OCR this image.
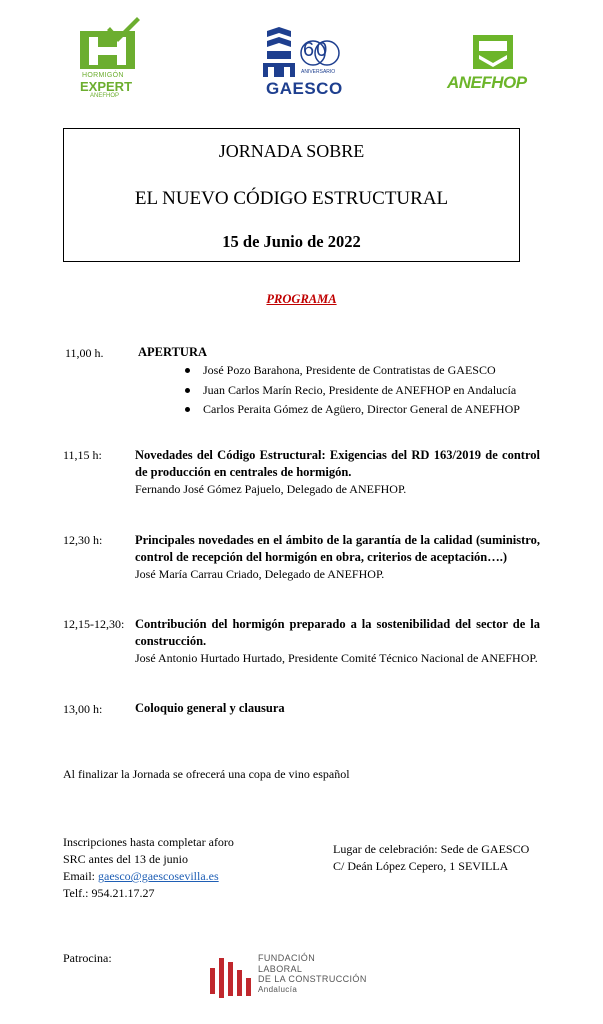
HORMIGÓN
EXPERT
ANEFHOP
60
ANIVERSARIO
GAESCO	ANEFHOP
JORNADA SOBRE
EL NUEVO CÓDIGO ESTRUCTURAL
15 de Junio de 2022
PROGRAMA
11,00 h.	APERTURA
José Pozo Barahona, Presidente de Contratistas de GAESCO
Juan Carlos Marín Recio, Presidente de ANEFHOP en Andalucía
Carlos Peraita Gómez de Agüero, Director General de ANEFHOP
11,15 h:	Novedades del Código Estructural: Exigencias del RD 163/2019 de control de producción en centrales de hormigón.
Fernando José Gómez Pajuelo, Delegado de ANEFHOP.
12,30 h:	Principales novedades en el ámbito de la garantía de la calidad (suministro, control de recepción del hormigón en obra, criterios de aceptación….)
José María Carrau Criado, Delegado de ANEFHOP.
12,15-12,30: Contribución del hormigón preparado a la sostenibilidad del sector de la construcción.
José Antonio Hurtado Hurtado, Presidente Comité Técnico Nacional de ANEFHOP.
13,00 h:	Coloquio general y clausura
Al finalizar la Jornada se ofrecerá una copa de vino español
Inscripciones hasta completar aforo
SRC antes del 13 de junio
Email: gaesco@gaescosevilla.es
Telf.: 954.21.17.27
Lugar de celebración: Sede de GAESCO
C/ Deán López Cepero, 1 SEVILLA
Patrocina:	FUNDACIÓN
LABORAL
DE LA CONSTRUCCIÓN
Andalucía
